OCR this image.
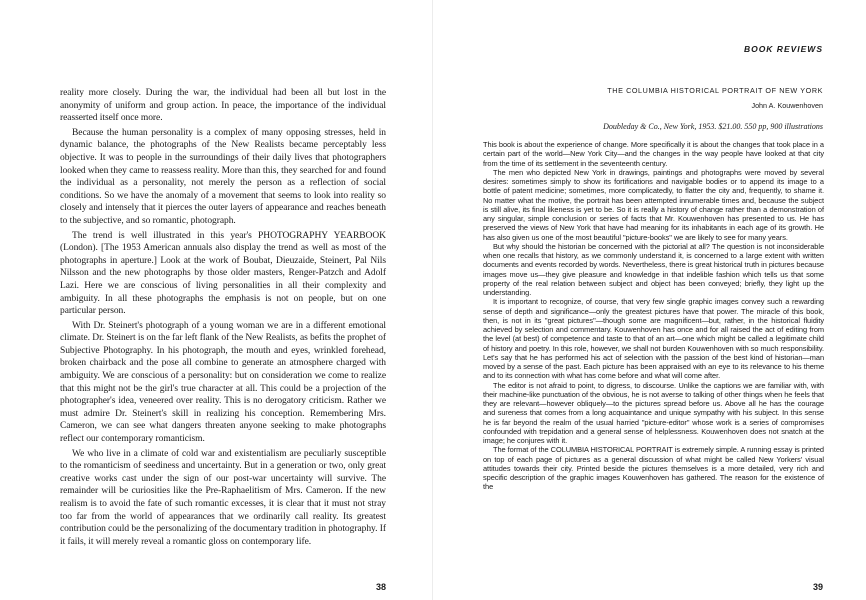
reality more closely. During the war, the individual had been all but lost in the anonymity of uniform and group action. In peace, the importance of the individual reasserted itself once more.

Because the human personality is a complex of many opposing stresses, held in dynamic balance, the photographs of the New Realists became perceptably less objective. It was to people in the surroundings of their daily lives that photographers looked when they came to reassess reality. More than this, they searched for and found the individual as a personality, not merely the person as a reflection of social conditions. So we have the anomaly of a movement that seems to look into reality so closely and intensely that it pierces the outer layers of appearance and reaches beneath to the subjective, and so romantic, photograph.

The trend is well illustrated in this year's PHOTOGRAPHY YEARBOOK (London). [The 1953 American annuals also display the trend as well as most of the photographs in aperture.] Look at the work of Boubat, Dieuzaide, Steinert, Pal Nils Nilsson and the new photographs by those older masters, Renger-Patzch and Adolf Lazi. Here we are conscious of living personalities in all their complexity and ambiguity. In all these photographs the emphasis is not on people, but on one particular person.

With Dr. Steinert's photograph of a young woman we are in a different emotional climate. Dr. Steinert is on the far left flank of the New Realists, as befits the prophet of Subjective Photography. In his photograph, the mouth and eyes, wrinkled forehead, broken chairback and the pose all combine to generate an atmosphere charged with ambiguity. We are conscious of a personality: but on consideration we come to realize that this might not be the girl's true character at all. This could be a projection of the photographer's idea, veneered over reality. This is no derogatory criticism. Rather we must admire Dr. Steinert's skill in realizing his conception. Remembering Mrs. Cameron, we can see what dangers threaten anyone seeking to make photographs reflect our contemporary romanticism.

We who live in a climate of cold war and existentialism are peculiarly susceptible to the romanticism of seediness and uncertainty. But in a generation or two, only great creative works cast under the sign of our post-war uncertainty will survive. The remainder will be curiosities like the Pre-Raphaelitism of Mrs. Cameron. If the new realism is to avoid the fate of such romantic excesses, it is clear that it must not stray too far from the world of appearances that we ordinarily call reality. Its greatest contribution could be the personalizing of the documentary tradition in photography. If it fails, it will merely reveal a romantic gloss on contemporary life.

38
BOOK REVIEWS
THE COLUMBIA HISTORICAL PORTRAIT OF NEW YORK
John A. Kouwenhoven
Doubleday & Co., New York, 1953. $21.00. 550 pp, 900 illustrations

This book is about the experience of change. More specifically it is about the changes that took place in a certain part of the world—New York City—and the changes in the way people have looked at that city from the time of its settlement in the seventeenth century.

The men who depicted New York in drawings, paintings and photographs were moved by several desires: sometimes simply to show its fortifications and navigable bodies or to append its image to a bottle of patent medicine; sometimes, more complicatedly, to flatter the city and, frequently, to shame it. No matter what the motive, the portrait has been attempted innumerable times and, because the subject is still alive, its final likeness is yet to be. So it is really a history of change rather than a demonstration of any singular, simple conclusion or series of facts that Mr. Kouwenhoven has presented to us. He has preserved the views of New York that have had meaning for its inhabitants in each age of its growth. He has also given us one of the most beautiful "picture-books" we are likely to see for many years.

But why should the historian be concerned with the pictorial at all? The question is not inconsiderable when one recalls that history, as we commonly understand it, is concerned to a large extent with written documents and events recorded by words. Nevertheless, there is great historical truth in pictures because images move us—they give pleasure and knowledge in that indelible fashion which tells us that some property of the real relation between subject and object has been conveyed; briefly, they light up the understanding.

It is important to recognize, of course, that very few single graphic images convey such a rewarding sense of depth and significance—only the greatest pictures have that power. The miracle of this book, then, is not in its "great pictures"—though some are magnificent—but, rather, in the historical fluidity achieved by selection and commentary. Kouwenhoven has once and for all raised the act of editing from the level (at best) of competence and taste to that of an art—one which might be called a legitimate child of history and poetry. In this role, however, we shall not burden Kouwenhoven with so much responsibility. Let's say that he has performed his act of selection with the passion of the best kind of historian—man moved by a sense of the past. Each picture has been appraised with an eye to its relevance to his theme and to its connection with what has come before and what will come after.

The editor is not afraid to point, to digress, to discourse. Unlike the captions we are familiar with, with their machine-like punctuation of the obvious, he is not averse to talking of other things when he feels that they are relevant—however obliquely—to the pictures spread before us. Above all he has the courage and sureness that comes from a long acquaintance and unique sympathy with his subject. In this sense he is far beyond the realm of the usual harried "picture-editor" whose work is a series of compromises confounded with trepidation and a general sense of helplessness. Kouwenhoven does not snatch at the image; he conjures with it.

The format of the COLUMBIA HISTORICAL PORTRAIT is extremely simple. A running essay is printed on top of each page of pictures as a general discussion of what might be called New Yorkers' visual attitudes towards their city. Printed beside the pictures themselves is a more detailed, very rich and specific description of the graphic images Kouwenhoven has gathered. The reason for the existence of the

39
